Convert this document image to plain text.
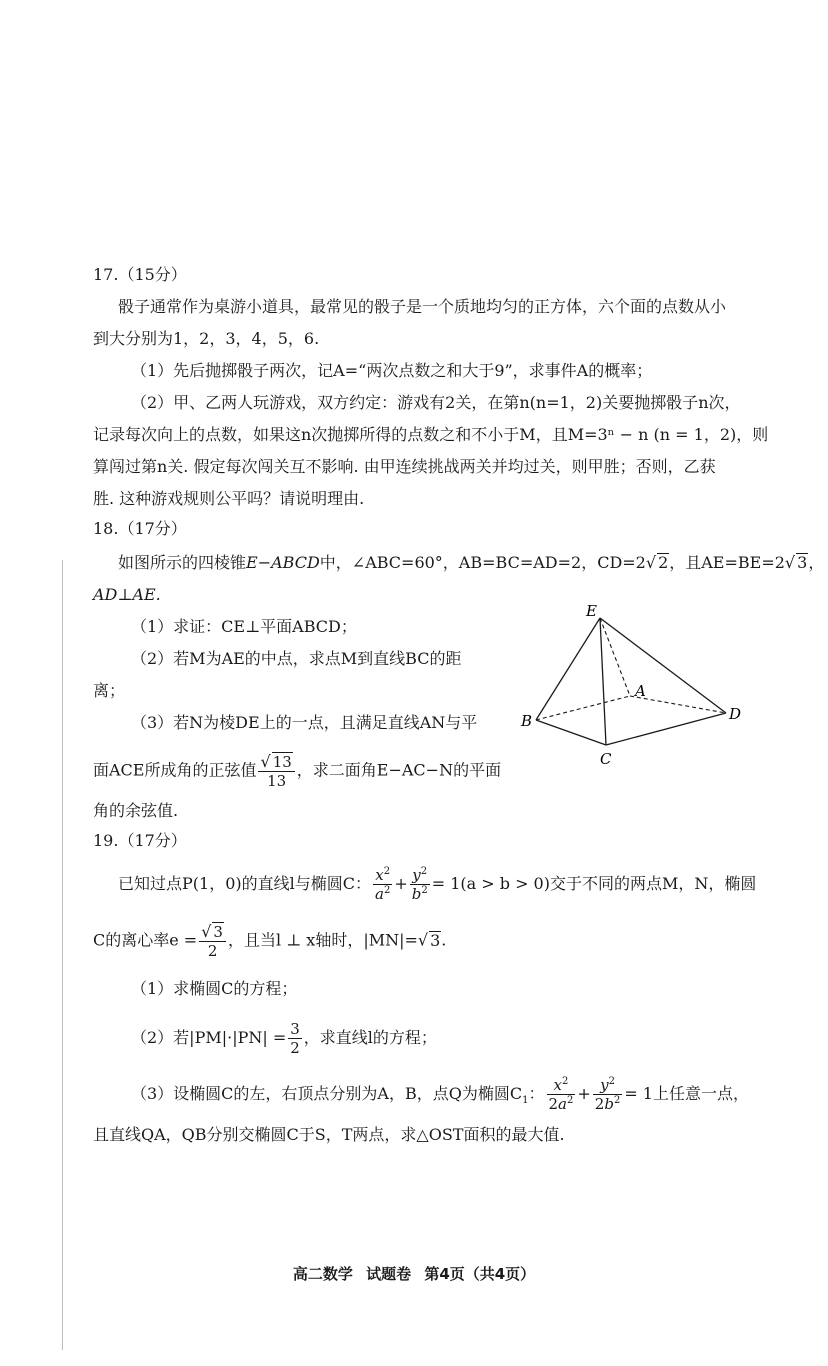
17.（15分）
骰子通常作为桌游小道具，最常见的骰子是一个质地均匀的正方体，六个面的点数从小
到大分别为1，2，3，4，5，6.
（1）先后抛掷骰子两次，记A=“两次点数之和大于9”，求事件A的概率；
（2）甲、乙两人玩游戏，双方约定：游戏有2关，在第n(n=1，2)关要抛掷骰子n次，
记录每次向上的点数，如果这n次抛掷所得的点数之和不小于M，且M=3ⁿ − n (n = 1，2)，则
算闯过第n关. 假定每次闯关互不影响. 由甲连续挑战两关并均过关，则甲胜；否则，乙获
胜. 这种游戏规则公平吗？请说明理由.
18.（17分）
如图所示的四棱锥E−ABCD中，∠ABC=60°，AB=BC=AD=2，CD=2√ 2，且AE=BE=2√ 3，
AD⊥AE.
（1）求证：CE⊥平面ABCD；
（2）若M为AE的中点，求点M到直线BC的距
离；
（3）若N为棱DE上的一点，且满足直线AN与平
面ACE所成角的正弦值 $\frac{√ 13}{13}$ ，求二面角E−AC−N的平面
角的余弦值.
E
A
B
C
D
19.（17分）
已知过点P(1，0)的直线l与椭圆C： $\frac{x^2}{a^2} + \frac{y^2}{b^2} = 1(a > b > 0)$交于不同的两点M，N，椭圆
C的离心率$e = \frac{√ 3}{2}$ ，且当l ⊥ x轴时，|MN|=√ 3.
（1）求椭圆C的方程；
（2）若$|PM|\cdot|PN| = \frac{3}{2}$ ，求直线l的方程；
（3）设椭圆C的左，右顶点分别为A，B，点Q为椭圆$C_1$： $\frac{x^2}{2a^2} + \frac{y^2}{2b^2} = 1$上任意一点，
且直线QA，QB分别交椭圆C于S，T两点，求△OST面积的最大值.
高二数学 试题卷 第4页（共4页）
